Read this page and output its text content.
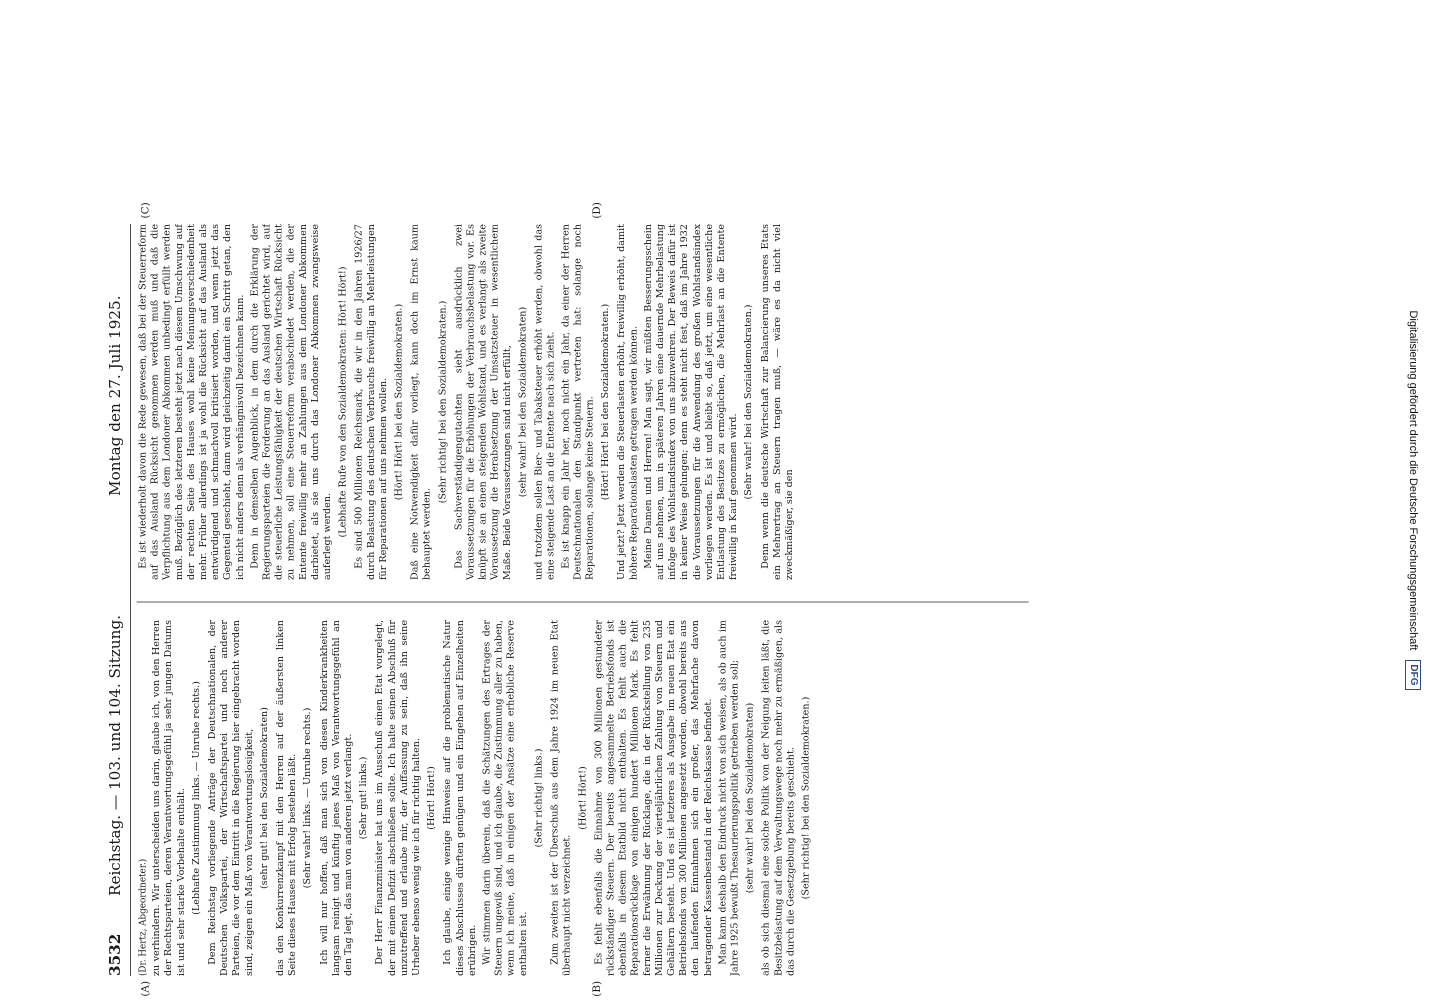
3532
Reichstag. — 103. und 104. Sitzung.
Montag den 27. Juli 1925.
(A)	(B)
(C)	(D)
(Dr. Hertz, Abgeordneter.) zu verhindern. Wir unterscheiden uns darin, glaube ich, von den Herren der Rechtsparteien, deren Verantwortungsgefühl ja sehr jungen Datums ist und sehr starke Vorbehalte enthält. (Lebhafte Zustimmung links. — Unruhe rechts.) Dem Reichstag vorliegende Anträge der Deutschnationalen, der Deutschen Volkspartei, der Wirtschaftspartei und noch anderer Parteien, die vor dem Eintritt in die Regierung hier eingebracht worden sind, zeigen ein Maß von Verantwortungslosigkeit, (sehr gut! bei den Sozialdemokraten) das den Konkurrenzkampf mit den Herren auf der äußersten linken Seite dieses Hauses mit Erfolg bestehen läßt. (Sehr wahr! links. — Unruhe rechts.) Ich will nur hoffen, daß man sich von diesen Kinderkrankheiten langsam reinigt und künftig jenes Maß von Verantwortungsgefühl an den Tag legt, das man von anderen jetzt verlangt. (Sehr gut! links.) Der Herr Finanzminister hat uns im Ausschuß einen Etat vorgelegt, der mit einem Defizit abschließen sollte. Ich halte seinen Abschluß für unzutreffend und erlaube mir, der Auffassung zu sein, daß ihn seine Urheber ebenso wenig wie ich für richtig halten. (Hört! Hört!) Ich glaube, einige wenige Hinweise auf die problematische Natur dieses Abschlusses dürften genügen und ein Eingehen auf Einzelheiten erübrigen. Wir stimmen darin überein, daß die Schätzungen des Ertrages der Steuern ungewiß sind, und ich glaube, die Zustimmung aller zu haben, wenn ich meine, daß in einigen der Ansätze eine erhebliche Reserve enthalten ist.

(Sehr richtig! links.) Zum zweiten ist der Überschuß aus dem Jahre 1924 im neuen Etat überhaupt nicht verzeichnet.

(Hört! Hört!) Es fehlt ebenfalls die Einnahme von 300 Millionen gestundeter rückständiger Steuern. Der bereits angesammelte Betriebsfonds ist ebenfalls in diesem Etatbild nicht enthalten. Es fehlt auch die Reparationsrücklage von einigen hundert Millionen Mark. Es fehlt ferner die Erwähnung der Rücklage, die in der Rückstellung von 235 Millionen zur Deckung der vierteljährlichen Zahlung von Steuern und Gehältern besteht. Und es ist letzteres als Ausgabe im neuen Etat ein Betriebsfonds von 300 Millionen angesetzt worden, obwohl bereits aus den laufenden Einnahmen sich ein großer, das Mehrfache davon betragender Kassenbestand in der Reichskasse befindet. Man kann deshalb den Eindruck nicht von sich weisen, als ob auch im Jahre 1925 bewußt Thesaurierungspolitik getrieben werden soll; (sehr wahr! bei den Sozialdemokraten) als ob sich diesmal eine solche Politik von der Neigung leiten läßt, die Besitzbelastung auf dem Verwaltungswege noch mehr zu ermäßigen, als das durch die Gesetzgebung bereits geschieht. (Sehr richtig! bei den Sozialdemokraten.)

Es ist wiederholt davon die Rede gewesen, daß bei der Steuerreform auf das Ausland Rücksicht genommen werden muß und daß die Verpflichtung aus dem Londoner Abkommen unbedingt erfüllt werden muß. Bezüglich des letzteren besteht jetzt nach diesem Umschwung auf der rechten Seite des Hauses wohl keine Meinungsverschiedenheit mehr. Früher allerdings ist ja wohl die Rücksicht auf das Ausland als entwürdigend und schmachvoll kritisiert worden, und wenn jetzt das Gegenteil geschieht, dann wird gleichzeitig damit ein Schritt getan, den ich nicht anders denn als verhängnisvoll bezeichnen kann. Denn in demselben Augenblick, in dem durch die Erklärung der Regierungsparteien die Forderung an das Ausland gerichtet wird, auf die steuerliche Leistungsfähigkeit der deutschen Wirtschaft Rücksicht zu nehmen, soll eine Steuerreform verabschiedet werden, die der Entente freiwillig mehr an Zahlungen aus dem Londoner Abkommen darbietet, als sie uns durch das Londoner Abkommen zwangsweise auferlegt werden. (Lebhafte Rufe von den Sozialdemokraten: Hört! Hört!) Es sind 500 Millionen Reichsmark, die wir in den Jahren 1926/27 durch Belastung des deutschen Verbrauchs freiwillig an Mehrleistungen für Reparationen auf uns nehmen wollen. (Hört! Hört! bei den Sozialdemokraten.) Daß eine Notwendigkeit dafür vorliegt, kann doch im Ernst kaum behauptet werden.

(Sehr richtig! bei den Sozialdemokraten.) Das Sachverständigengutachten sieht ausdrücklich zwei Voraussetzungen für die Erhöhungen der Verbrauchsbelastung vor. Es knüpft sie an einen steigenden Wohlstand, und es verlangt als zweite Voraussetzung die Herabsetzung der Umsatzsteuer in wesentlichem Maße. Beide Voraussetzungen sind nicht erfüllt, (sehr wahr! bei den Sozialdemokraten) und trotzdem sollen Bier- und Tabaksteuer erhöht werden, obwohl das eine steigende Last an die Entente nach sich zieht. Es ist knapp ein Jahr her, noch nicht ein Jahr, da einer der Herren Deutschnationalen den Standpunkt vertreten hat: solange noch Reparationen, solange keine Steuern. (Hört! Hört! bei den Sozialdemokraten.) Und jetzt? Jetzt werden die Steuerlasten erhöht, freiwillig erhöht, damit höhere Reparationslasten getragen werden können. Meine Damen und Herren! Man sagt, wir müßten Besserungsschein auf uns nehmen, um in späteren Jahren eine dauernde Mehrbelastung infolge des Wohlstandsindex von uns abzuwehren. Der Beweis dafür ist in keiner Weise gelungen; denn es steht nicht fest, daß im Jahre 1932 die Voraussetzungen für die Anwendung des großen Wohlstandsindex vorliegen werden. Es ist und bleibt so, daß jetzt, um eine wesentliche Entlastung des Besitzes zu ermöglichen, die Mehrlast an die Entente freiwillig in Kauf genommen wird. (Sehr wahr! bei den Sozialdemokraten.) Denn wenn die deutsche Wirtschaft zur Balancierung unseres Etats ein Mehrertrag an Steuern tragen muß, — wäre es da nicht viel zweckmäßiger, sie den	Digitalisierung gefördert durch die Deutsche Forschungsgemeinschaft
DFG
